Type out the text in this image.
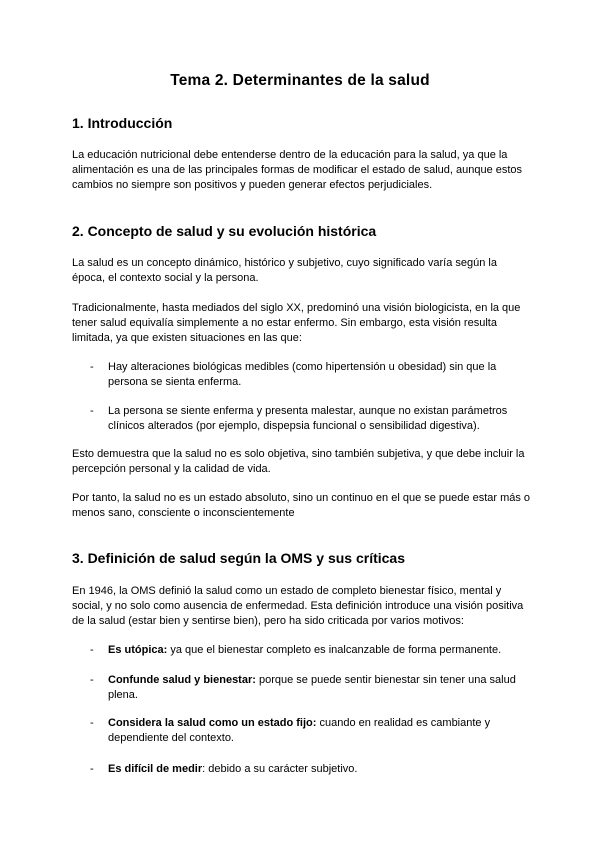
Tema 2. Determinantes de la salud
1. Introducción

La educación nutricional debe entenderse dentro de la educación para la salud, ya que la alimentación es una de las principales formas de modificar el estado de salud, aunque estos cambios no siempre son positivos y pueden generar efectos perjudiciales.

2. Concepto de salud y su evolución histórica

La salud es un concepto dinámico, histórico y subjetivo, cuyo significado varía según la época, el contexto social y la persona.

Tradicionalmente, hasta mediados del siglo XX, predominó una visión biologicista, en la que tener salud equivalía simplemente a no estar enfermo. Sin embargo, esta visión resulta limitada, ya que existen situaciones en las que:

- Hay alteraciones biológicas medibles (como hipertensión u obesidad) sin que la persona se sienta enferma.
- La persona se siente enferma y presenta malestar, aunque no existan parámetros clínicos alterados (por ejemplo, dispepsia funcional o sensibilidad digestiva).

Esto demuestra que la salud no es solo objetiva, sino también subjetiva, y que debe incluir la percepción personal y la calidad de vida.

Por tanto, la salud no es un estado absoluto, sino un continuo en el que se puede estar más o menos sano, consciente o inconscientemente

3. Definición de salud según la OMS y sus críticas

En 1946, la OMS definió la salud como un estado de completo bienestar físico, mental y social, y no solo como ausencia de enfermedad. Esta definición introduce una visión positiva de la salud (estar bien y sentirse bien), pero ha sido criticada por varios motivos:

- Es utópica: ya que el bienestar completo es inalcanzable de forma permanente.
- Confunde salud y bienestar: porque se puede sentir bienestar sin tener una salud plena.
- Considera la salud como un estado fijo: cuando en realidad es cambiante y dependiente del contexto.
- Es difícil de medir: debido a su carácter subjetivo.
